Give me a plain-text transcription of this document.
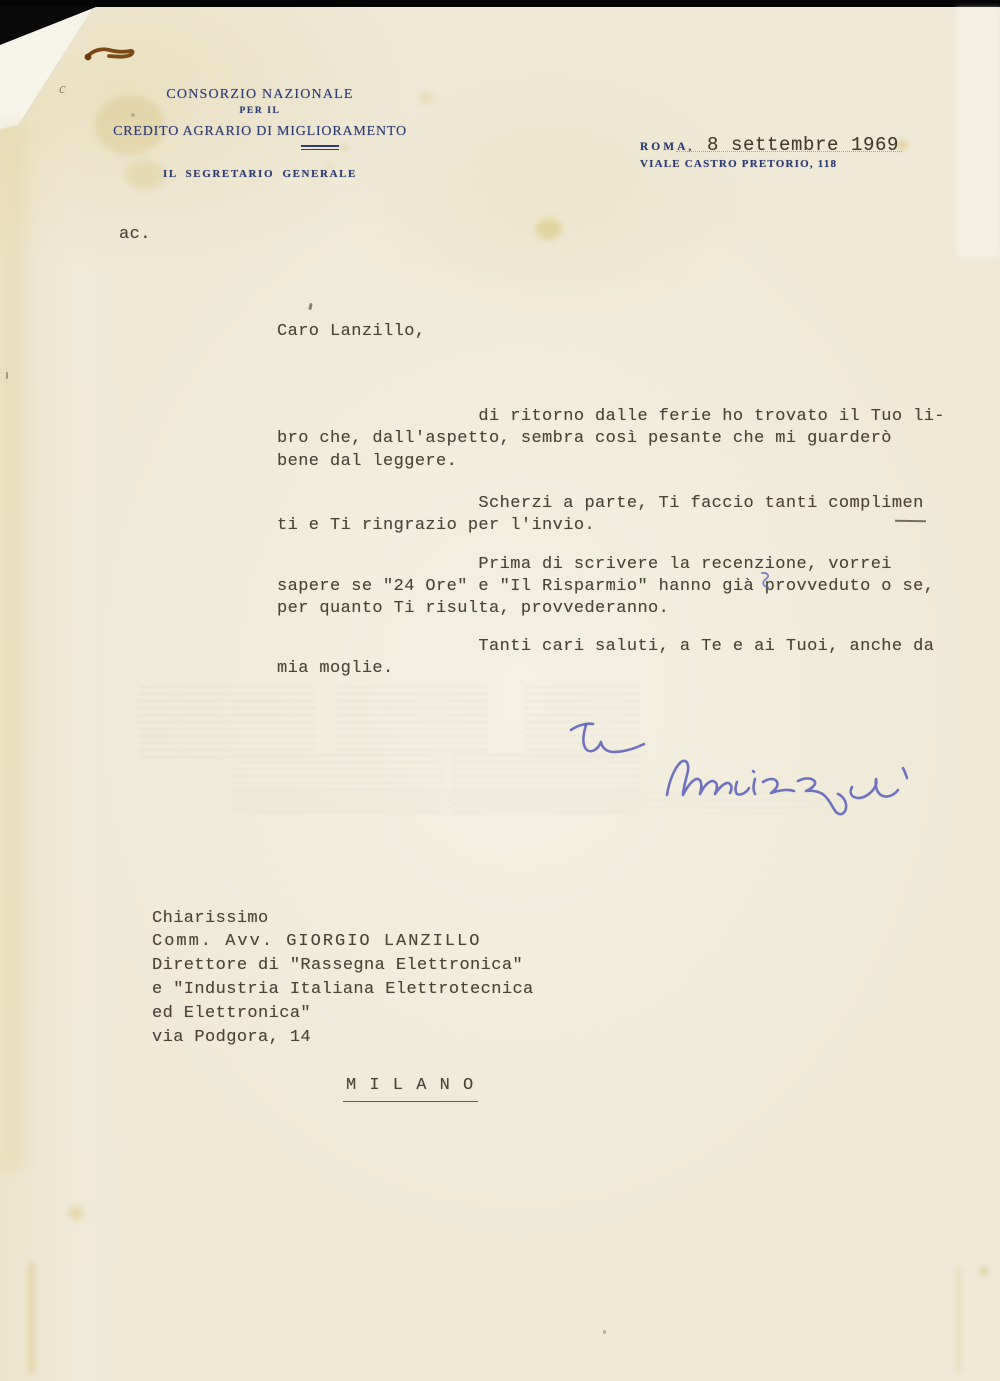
c	CONSORZIO NAZIONALE
PER IL
CREDITO AGRARIO DI MIGLIORAMENTO
IL SEGRETARIO GENERALE
ROMA, 8 settembre 1969
VIALE CASTRO PRETORIO, 118
ac.
Caro Lanzillo,
di ritorno dalle ferie ho trovato il Tuo li-
bro che, dall'aspetto, sembra così pesante che mi guarderò
bene dal leggere.
Scherzi a parte, Ti faccio tanti complimen
ti e Ti ringrazio per l'invio.
Prima di scrivere la recenzione, vorrei
sapere se "24 Ore" e "Il Risparmio" hanno già provveduto o se,
per quanto Ti risulta, provvederanno.
Tanti cari saluti, a Te e ai Tuoi, anche da
mia moglie.
Chiarissimo
Comm. Avv. GIORGIO LANZILLO
Direttore di "Rassegna Elettronica"
e "Industria Italiana Elettrotecnica
ed Elettronica"
via Podgora, 14
M I L A N O
